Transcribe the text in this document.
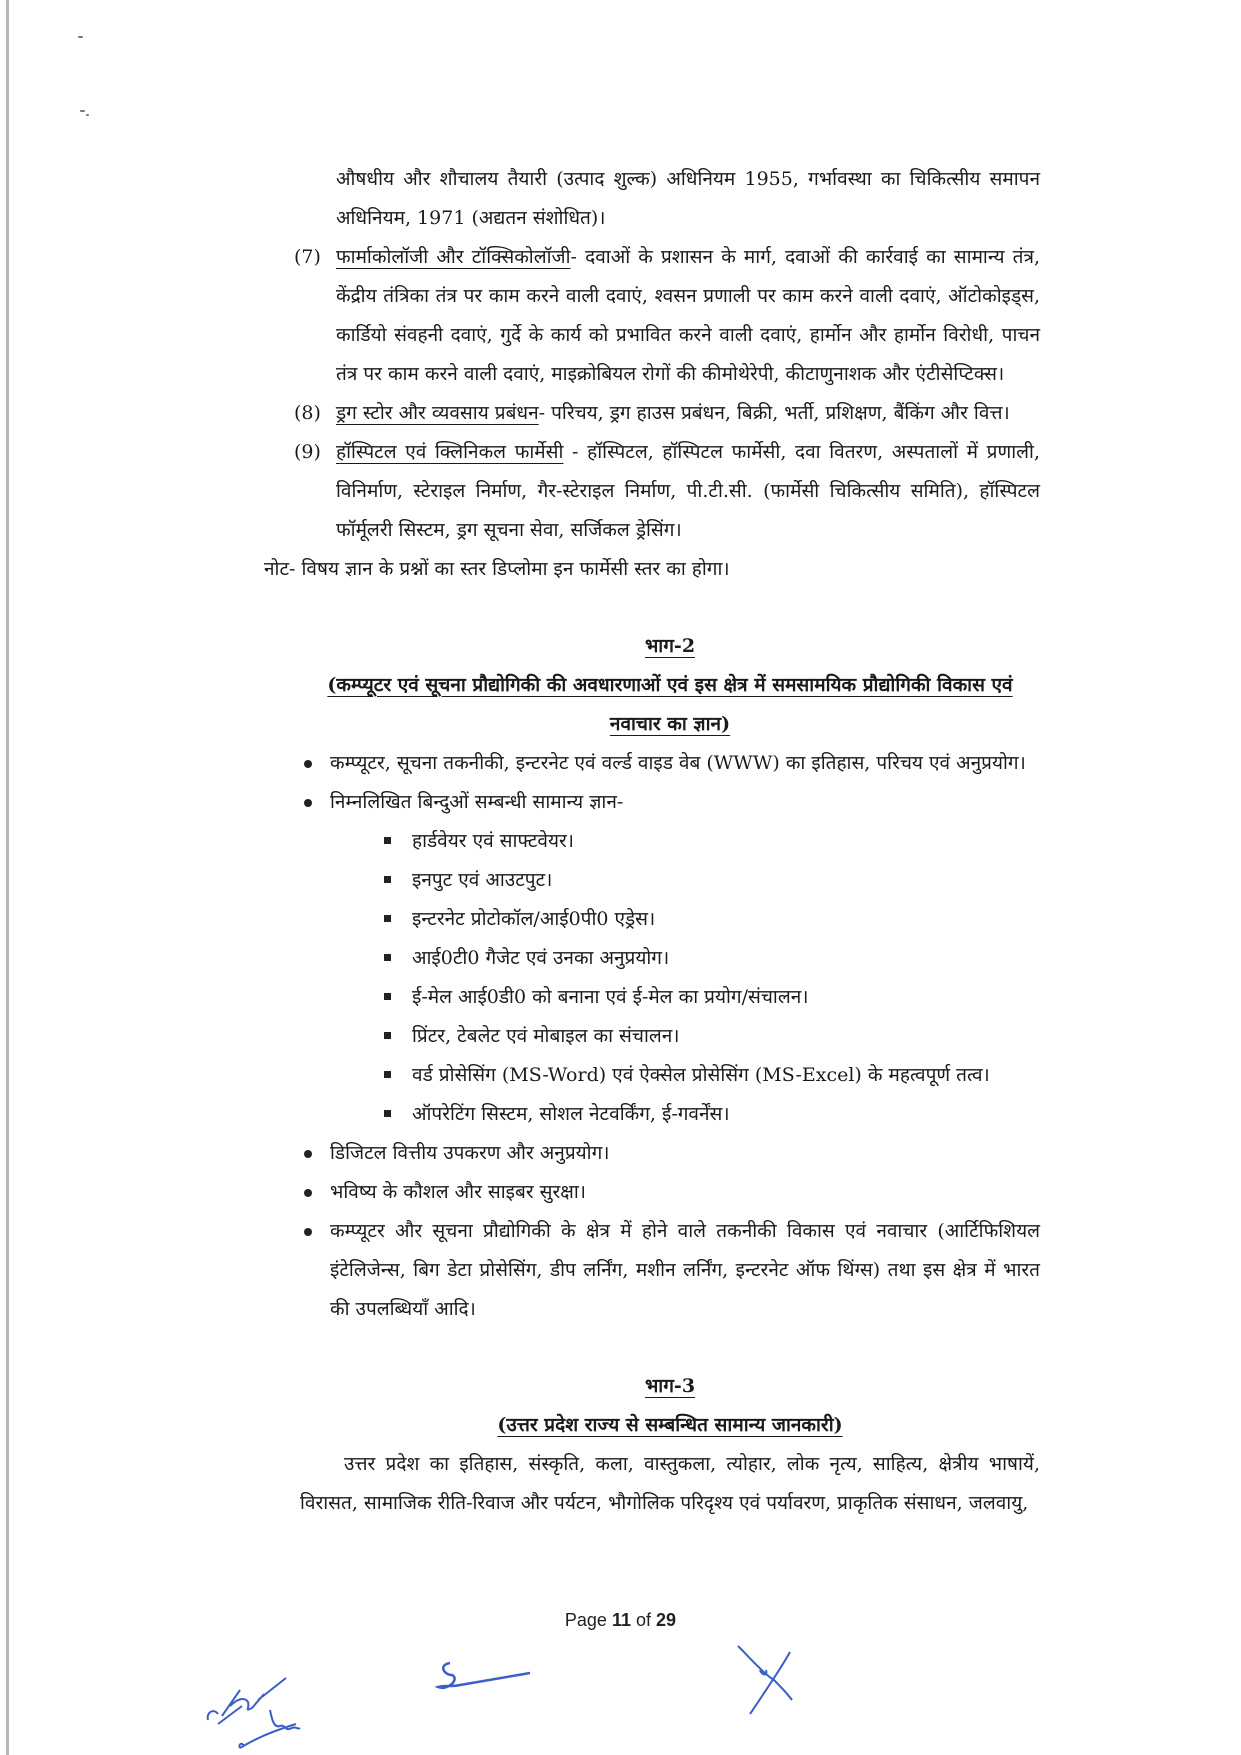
औषधीय और शौचालय तैयारी (उत्पाद शुल्क) अधिनियम 1955, गर्भावस्था का चिकित्सीय समापन अधिनियम, 1971 (अद्यतन संशोधित)।

(7) फार्माकोलॉजी और टॉक्सिकोलॉजी- दवाओं के प्रशासन के मार्ग, दवाओं की कार्रवाई का सामान्य तंत्र, केंद्रीय तंत्रिका तंत्र पर काम करने वाली दवाएं, श्वसन प्रणाली पर काम करने वाली दवाएं, ऑटोकोइड्स, कार्डियो संवहनी दवाएं, गुर्दे के कार्य को प्रभावित करने वाली दवाएं, हार्मोन और हार्मोन विरोधी, पाचन तंत्र पर काम करने वाली दवाएं, माइक्रोबियल रोगों की कीमोथेरेपी, कीटाणुनाशक और एंटीसेप्टिक्स।

(8) ड्रग स्टोर और व्यवसाय प्रबंधन- परिचय, ड्रग हाउस प्रबंधन, बिक्री, भर्ती, प्रशिक्षण, बैंकिंग और वित्त।

(9) हॉस्पिटल एवं क्लिनिकल फार्मेसी - हॉस्पिटल, हॉस्पिटल फार्मेसी, दवा वितरण, अस्पतालों में प्रणाली, विनिर्माण, स्टेराइल निर्माण, गैर-स्टेराइल निर्माण, पी.टी.सी. (फार्मेसी चिकित्सीय समिति), हॉस्पिटल फॉर्मूलरी सिस्टम, ड्रग सूचना सेवा, सर्जिकल ड्रेसिंग।

नोट- विषय ज्ञान के प्रश्नों का स्तर डिप्लोमा इन फार्मेसी स्तर का होगा।

भाग-2

(कम्प्यूटर एवं सूचना प्रौद्योगिकी की अवधारणाओं एवं इस क्षेत्र में समसामयिक प्रौद्योगिकी विकास एवं नवाचार का ज्ञान)

कम्प्यूटर, सूचना तकनीकी, इन्टरनेट एवं वर्ल्ड वाइड वेब (WWW) का इतिहास, परिचय एवं अनुप्रयोग।
निम्नलिखित बिन्दुओं सम्बन्धी सामान्य ज्ञान-
हार्डवेयर एवं साफ्टवेयर।
इनपुट एवं आउटपुट।
इन्टरनेट प्रोटोकॉल/आई0पी0 एड्रेस।
आई0टी0 गैजेट एवं उनका अनुप्रयोग।
ई-मेल आई0डी0 को बनाना एवं ई-मेल का प्रयोग/संचालन।
प्रिंटर, टेबलेट एवं मोबाइल का संचालन।
वर्ड प्रोसेसिंग (MS-Word) एवं ऐक्सेल प्रोसेसिंग (MS-Excel) के महत्वपूर्ण तत्व।
ऑपरेटिंग सिस्टम, सोशल नेटवर्किंग, ई-गवर्नेंस।
डिजिटल वित्तीय उपकरण और अनुप्रयोग।
भविष्य के कौशल और साइबर सुरक्षा।
कम्प्यूटर और सूचना प्रौद्योगिकी के क्षेत्र में होने वाले तकनीकी विकास एवं नवाचार (आर्टिफिशियल इंटेलिजेन्स, बिग डेटा प्रोसेसिंग, डीप लर्निंग, मशीन लर्निंग, इन्टरनेट ऑफ थिंग्स) तथा इस क्षेत्र में भारत की उपलब्धियाँ आदि।

भाग-3

(उत्तर प्रदेश राज्य से सम्बन्धित सामान्य जानकारी)

उत्तर प्रदेश का इतिहास, संस्कृति, कला, वास्तुकला, त्योहार, लोक नृत्य, साहित्य, क्षेत्रीय भाषायें, विरासत, सामाजिक रीति-रिवाज और पर्यटन, भौगोलिक परिदृश्य एवं पर्यावरण, प्राकृतिक संसाधन, जलवायु,

Page 11 of 29
